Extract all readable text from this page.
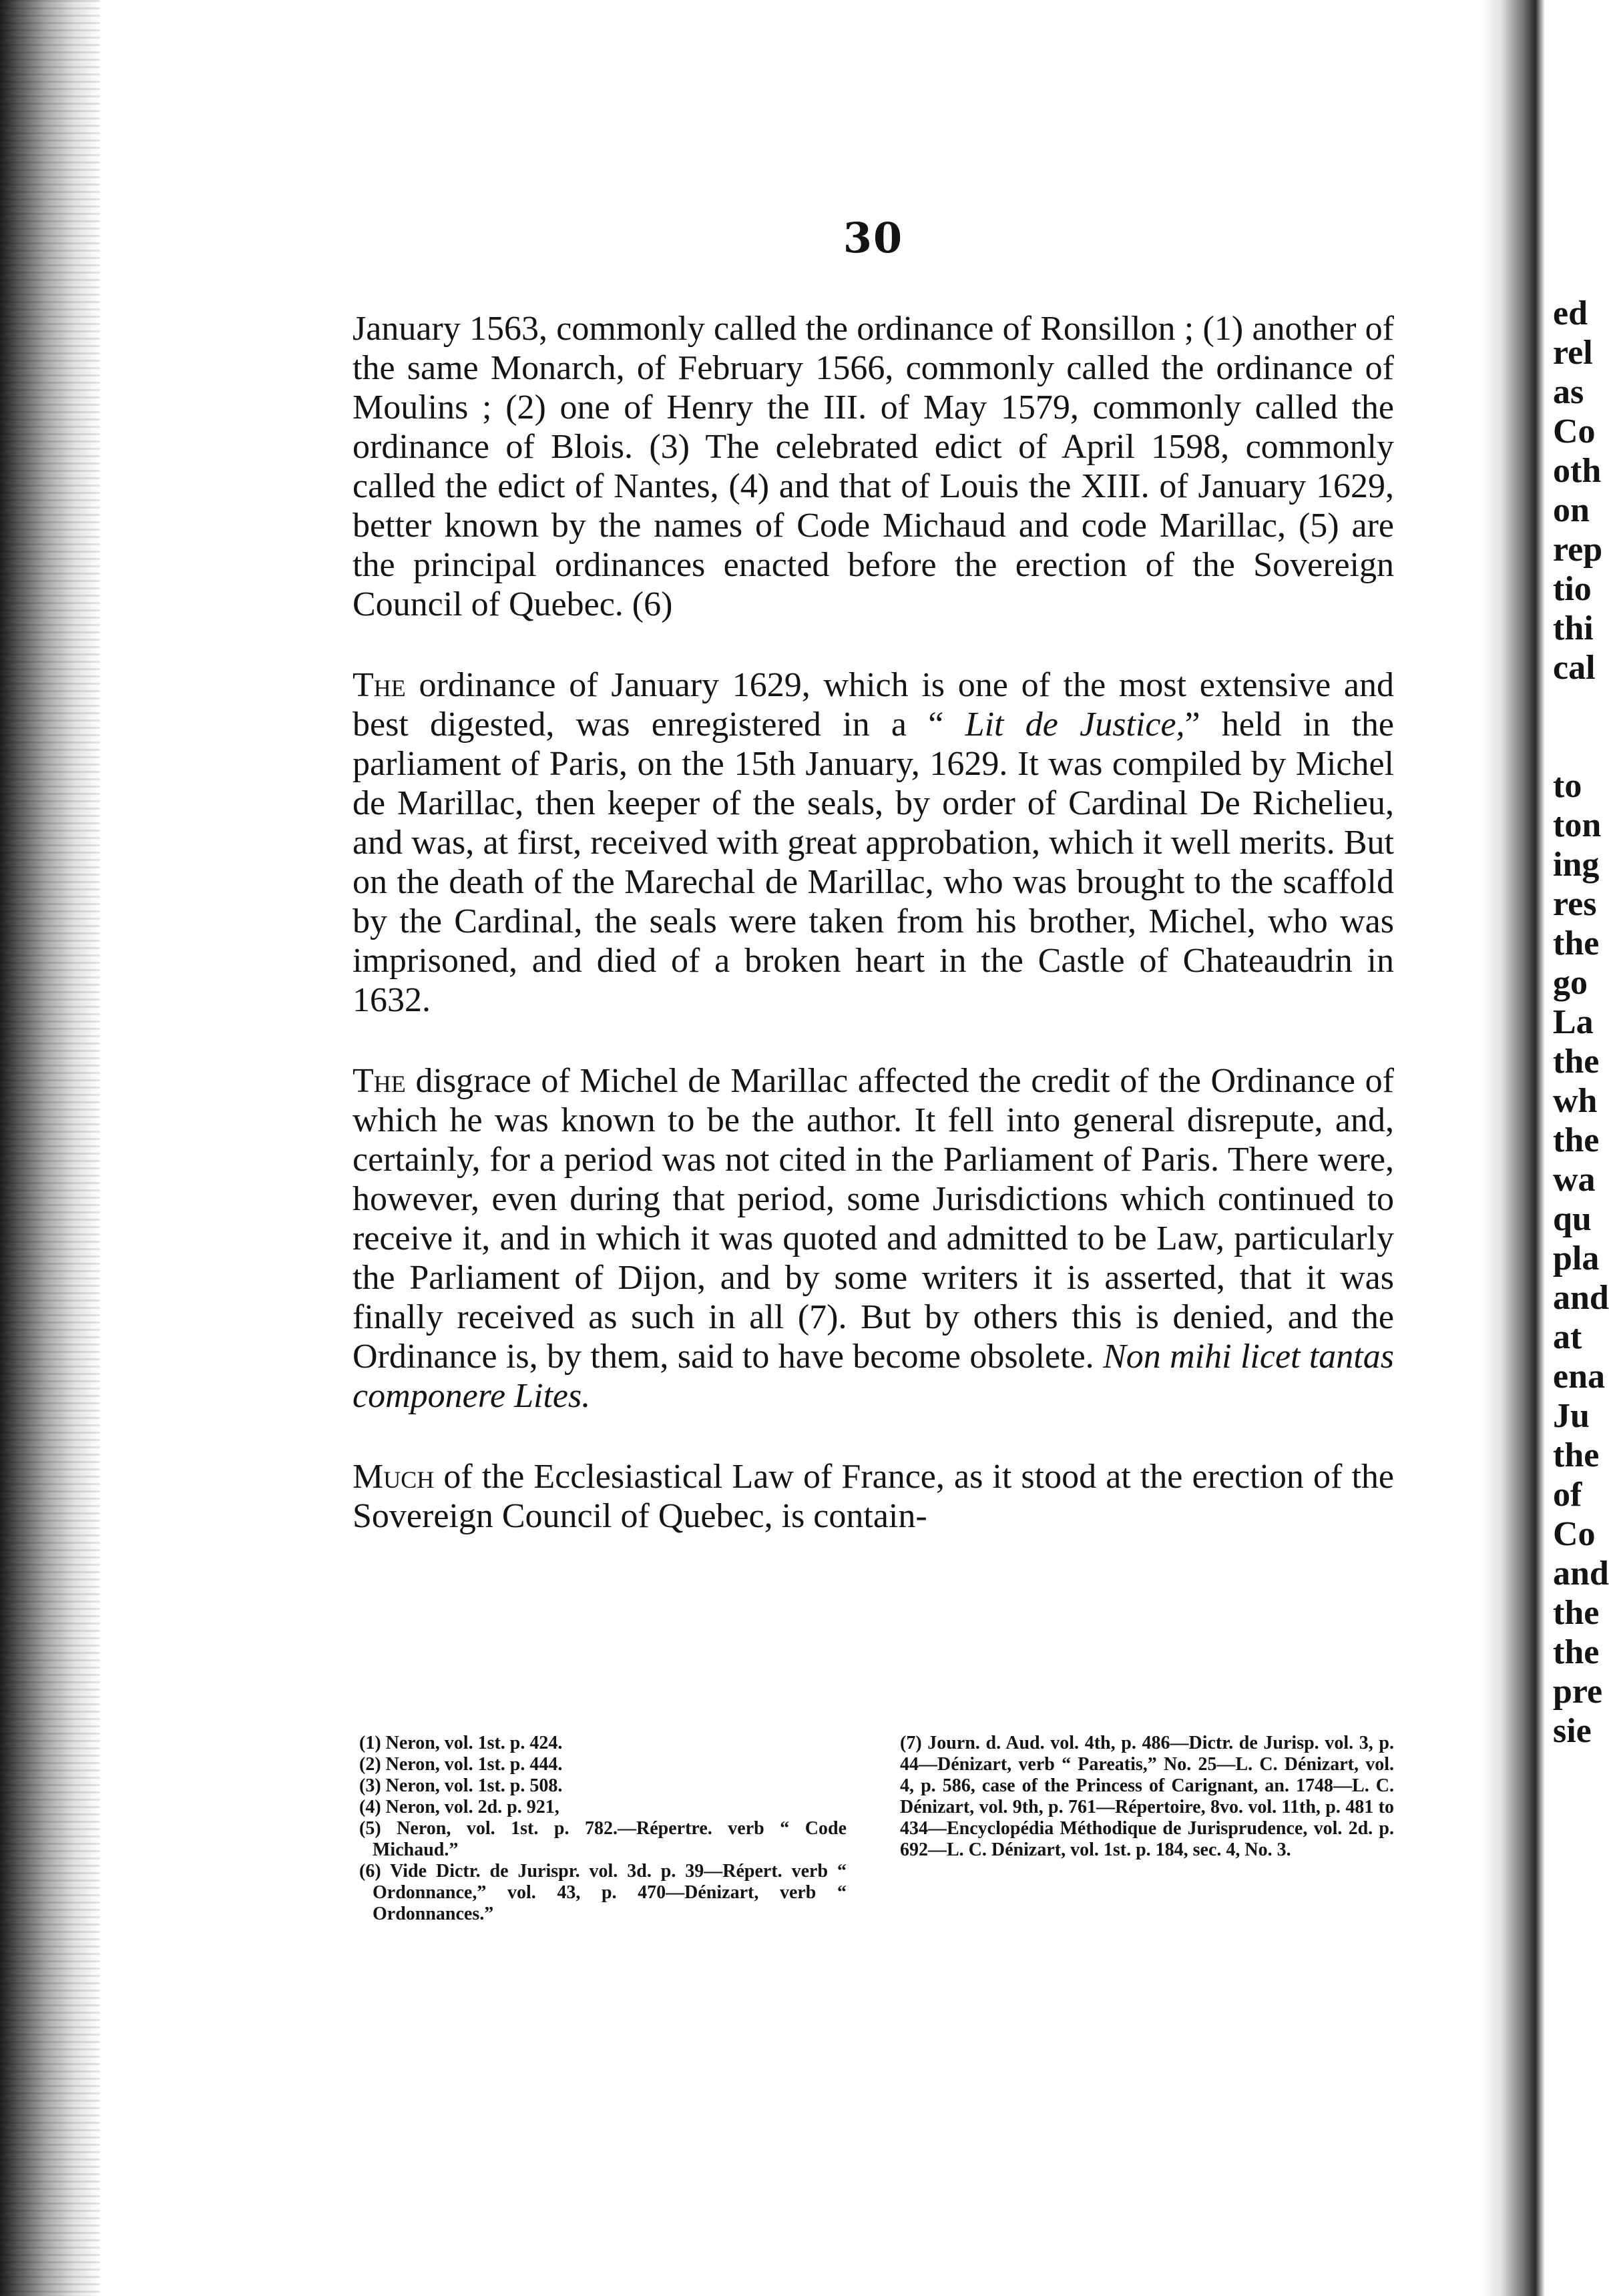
30

January 1563, commonly called the ordinance of Ronsillon ; (1) another of the same Monarch, of February 1566, commonly called the ordinance of Moulins ; (2) one of Henry the III. of May 1579, commonly called the ordinance of Blois. (3) The celebrated edict of April 1598, commonly called the edict of Nantes, (4) and that of Louis the XIII. of January 1629, better known by the names of Code Michaud and code Marillac, (5) are the principal ordinances enacted before the erection of the Sovereign Council of Quebec. (6)

The ordinance of January 1629, which is one of the most extensive and best digested, was enregistered in a “ Lit de Justice,” held in the parliament of Paris, on the 15th January, 1629. It was compiled by Michel de Marillac, then keeper of the seals, by order of Cardinal De Richelieu, and was, at first, received with great approbation, which it well merits. But on the death of the Marechal de Marillac, who was brought to the scaffold by the Cardinal, the seals were taken from his brother, Michel, who was imprisoned, and died of a broken heart in the Castle of Chateaudrin in 1632.

The disgrace of Michel de Marillac affected the credit of the Ordinance of which he was known to be the author. It fell into general disrepute, and, certainly, for a period was not cited in the Parliament of Paris. There were, however, even during that period, some Jurisdictions which continued to receive it, and in which it was quoted and admitted to be Law, particularly the Parliament of Dijon, and by some writers it is asserted, that it was finally received as such in all (7). But by others this is denied, and the Ordinance is, by them, said to have become obsolete. Non mihi licet tantas componere Lites.

Much of the Ecclesiastical Law of France, as it stood at the erection of the Sovereign Council of Quebec, is contain-

(1) Neron, vol. 1st. p. 424.
(2) Neron, vol. 1st. p. 444.
(3) Neron, vol. 1st. p. 508.
(4) Neron, vol. 2d. p. 921,
(5) Neron, vol. 1st. p. 782.—Répertre. verb “ Code Michaud.”
(6) Vide Dictr. de Jurispr. vol. 3d. p. 39—Répert. verb “ Ordonnance,” vol. 43, p. 470—Dénizart, verb “ Ordonnances.”
(7) Journ. d. Aud. vol. 4th, p. 486—Dictr. de Jurisp. vol. 3, p. 44—Dénizart, verb “ Pareatis,” No. 25—L. C. Dénizart, vol. 4, p. 586, case of the Princess of Carignant, an. 1748—L. C. Dénizart, vol. 9th, p. 761—Répertoire, 8vo. vol. 11th, p. 481 to 434—Encyclopédia Méthodique de Jurisprudence, vol. 2d. p. 692—L. C. Dénizart, vol. 1st. p. 184, sec. 4, No. 3.
ed
rel
as
Co
oth
on
rep
tio
thi
cal
to
ton
ing
res
the
go
La
the
wh
the
wa
qu
pla
and
at
ena
Ju
the
of
Co
and
the
the
pre
sie
